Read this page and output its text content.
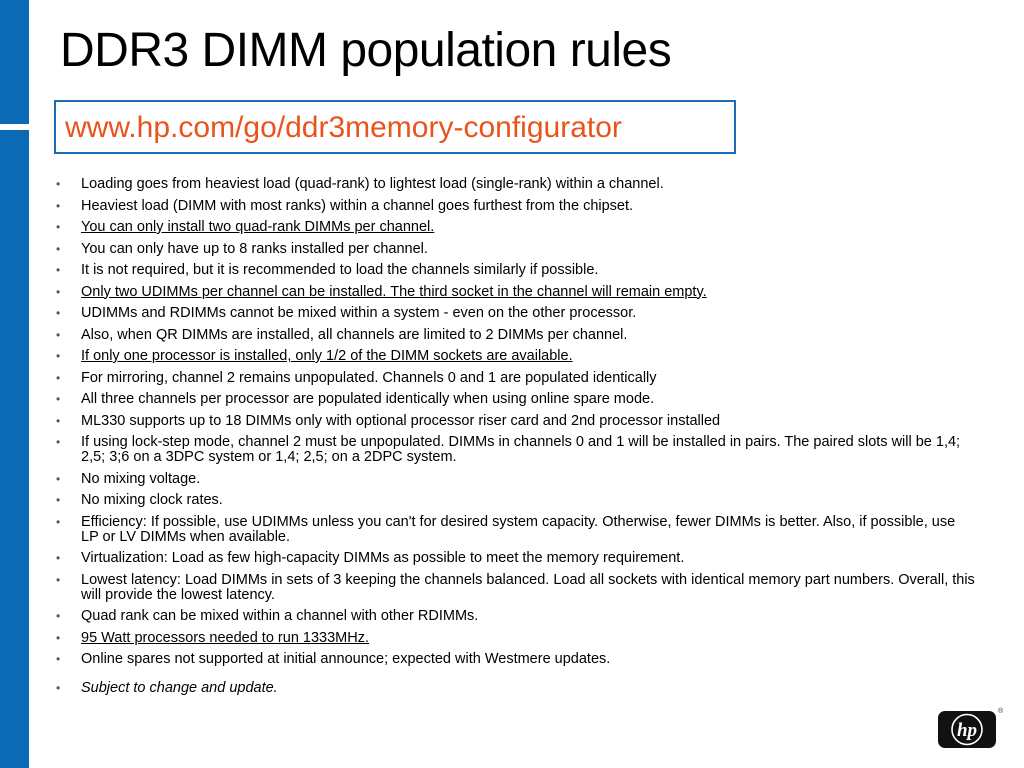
DDR3 DIMM population rules
www.hp.com/go/ddr3memory-configurator
• Loading goes from heaviest load (quad-rank) to lightest load (single-rank) within a channel.
• Heaviest load (DIMM with most ranks) within a channel goes furthest from the chipset.
• You can only install two quad-rank DIMMs per channel.
• You can only have up to 8 ranks installed per channel.
• It is not required, but it is recommended to load the channels similarly if possible.
• Only two UDIMMs per channel can be installed. The third socket in the channel will remain empty.
• UDIMMs and RDIMMs cannot be mixed within a system - even on the other processor.
• Also, when QR DIMMs are installed, all channels are limited to 2 DIMMs per channel.
• If only one processor is installed, only 1/2 of the DIMM sockets are available.
• For mirroring, channel 2 remains unpopulated. Channels 0 and 1 are populated identically
• All three channels per processor are populated identically when using online spare mode.
• ML330 supports up to 18 DIMMs only with optional processor riser card and 2nd processor installed
• If using lock-step mode, channel 2 must be unpopulated. DIMMs in channels 0 and 1 will be installed in pairs. The paired slots will be 1,4; 2,5; 3;6 on a 3DPC system or 1,4; 2,5; on a 2DPC system.
• No mixing voltage.
• No mixing clock rates.
• Efficiency: If possible, use UDIMMs unless you can't for desired system capacity. Otherwise, fewer DIMMs is better. Also, if possible, use LP or LV DIMMs when available.
• Virtualization: Load as few high-capacity DIMMs as possible to meet the memory requirement.
• Lowest latency: Load DIMMs in sets of 3 keeping the channels balanced. Load all sockets with identical memory part numbers. Overall, this will provide the lowest latency.
• Quad rank can be mixed within a channel with other RDIMMs.
• 95 Watt processors needed to run 1333MHz.
• Online spares not supported at initial announce; expected with Westmere updates.
• Subject to change and update.
hp
®
